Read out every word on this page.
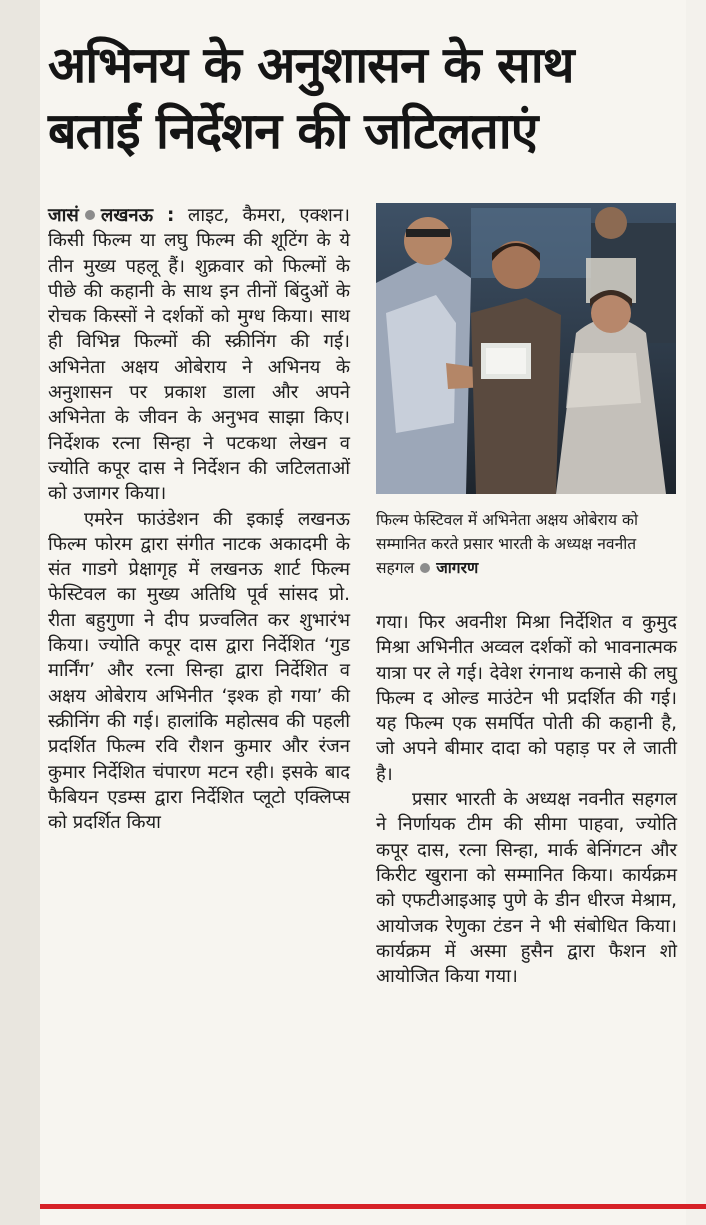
अभिनय के अनुशासन के साथ
बताईं निर्देशन की जटिलताएं

जासं लखनऊ : लाइट, कैमरा, एक्शन। किसी फिल्म या लघु फिल्म की शूटिंग के ये तीन मुख्य पहलू हैं। शुक्रवार को फिल्मों के पीछे की कहानी के साथ इन तीनों बिंदुओं के रोचक किस्सों ने दर्शकों को मुग्ध किया। साथ ही विभिन्न फिल्मों की स्क्रीनिंग की गई। अभिनेता अक्षय ओबेराय ने अभिनय के अनुशासन पर प्रकाश डाला और अपने अभिनेता के जीवन के अनुभव साझा किए। निर्देशक रत्ना सिन्हा ने पटकथा लेखन व ज्योति कपूर दास ने निर्देशन की जटिलताओं को उजागर किया।

एमरेन फाउंडेशन की इकाई लखनऊ फिल्म फोरम द्वारा संगीत नाटक अकादमी के संत गाडगे प्रेक्षागृह में लखनऊ शार्ट फिल्म फेस्टिवल का मुख्य अतिथि पूर्व सांसद प्रो. रीता बहुगुणा ने दीप प्रज्वलित कर शुभारंभ किया। ज्योति कपूर दास द्वारा निर्देशित ‘गुड मार्निंग’ और रत्ना सिन्हा द्वारा निर्देशित व अक्षय ओबेराय अभिनीत ‘इश्क हो गया’ की स्क्रीनिंग की गई। हालांकि महोत्सव की पहली प्रदर्शित फिल्म रवि रौशन कुमार और रंजन कुमार निर्देशित चंपारण मटन रही। इसके बाद फैबियन एडम्स द्वारा निर्देशित प्लूटो एक्लिप्स को प्रदर्शित किया

फिल्म फेस्टिवल में अभिनेता अक्षय ओबेराय को सम्मानित करते प्रसार भारती के अध्यक्ष नवनीत सहगल जागरण

गया। फिर अवनीश मिश्रा निर्देशित व कुमुद मिश्रा अभिनीत अव्वल दर्शकों को भावनात्मक यात्रा पर ले गई। देवेश रंगनाथ कनासे की लघु फिल्म द ओल्ड माउंटेन भी प्रदर्शित की गई। यह फिल्म एक समर्पित पोती की कहानी है, जो अपने बीमार दादा को पहाड़ पर ले जाती है।

प्रसार भारती के अध्यक्ष नवनीत सहगल ने निर्णायक टीम की सीमा पाहवा, ज्योति कपूर दास, रत्ना सिन्हा, मार्क बेनिंगटन और किरीट खुराना को सम्मानित किया। कार्यक्रम को एफटीआइआइ पुणे के डीन धीरज मेश्राम, आयोजक रेणुका टंडन ने भी संबोधित किया। कार्यक्रम में अस्मा हुसैन द्वारा फैशन शो आयोजित किया गया।
